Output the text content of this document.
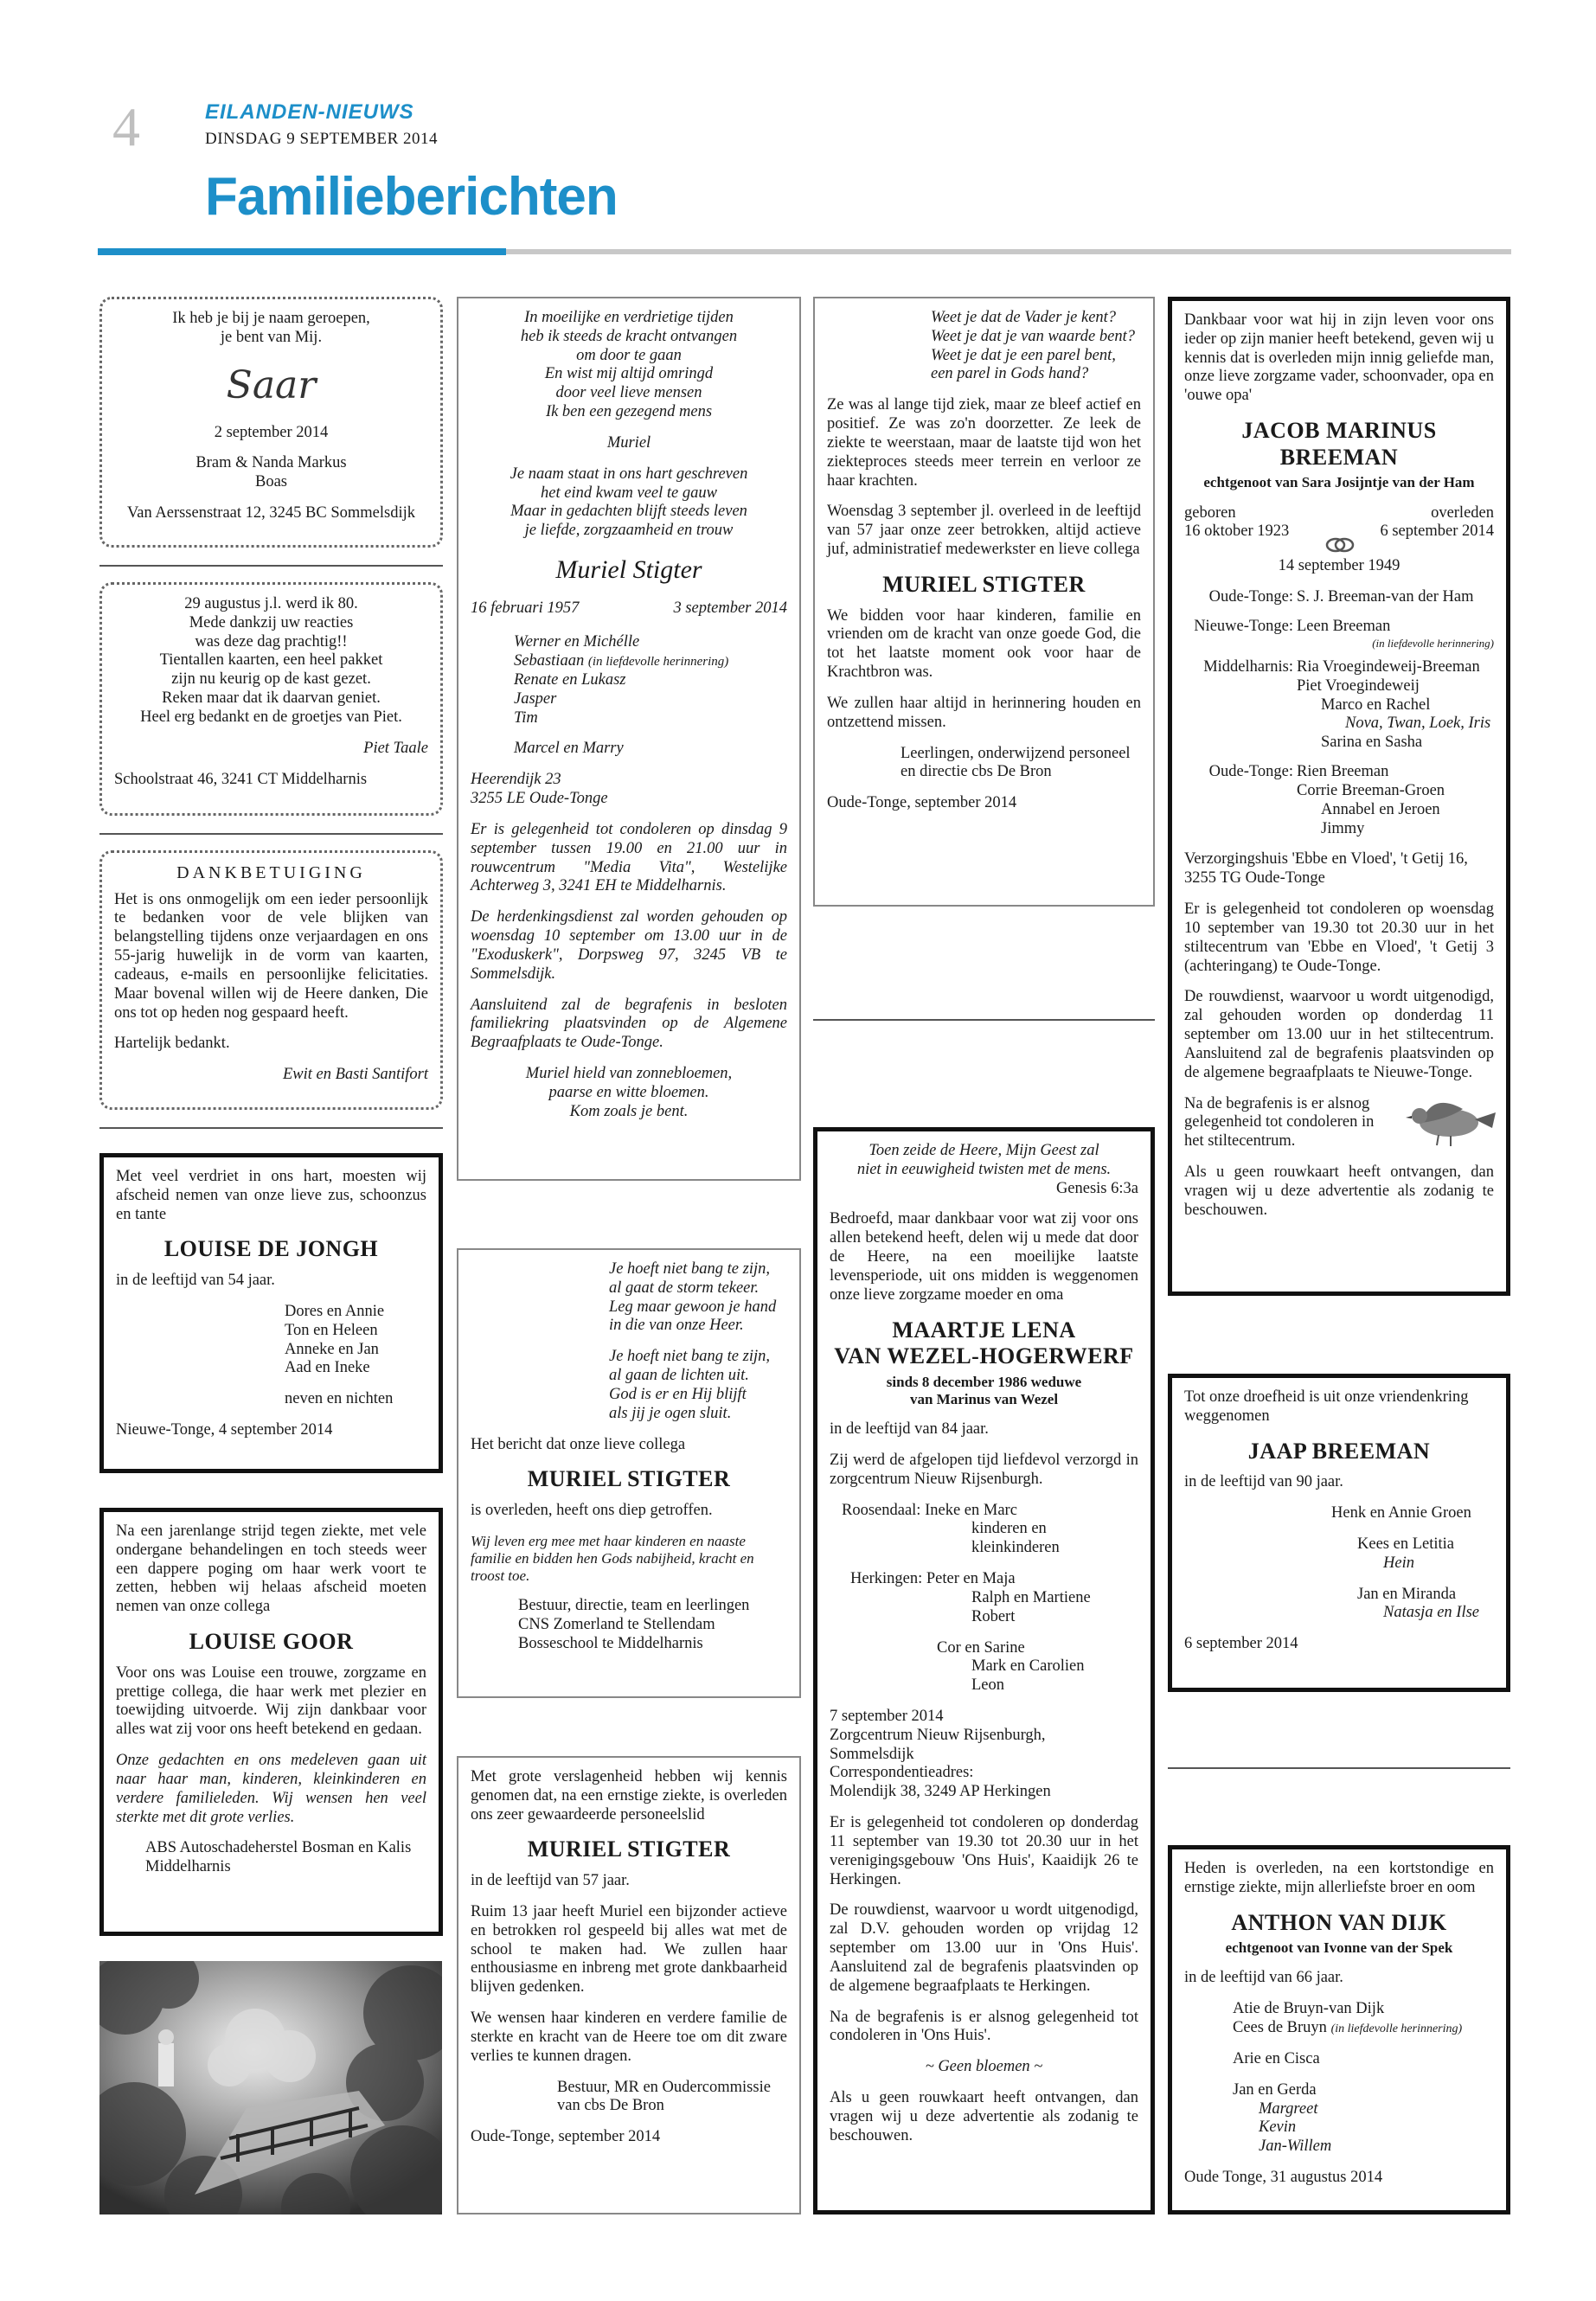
4	EILANDEN-NIEUWS
DINSDAG 9 SEPTEMBER 2014
Familieberichten
Ik heb je bij je naam geroepen,
je bent van Mij.
Saar

2 september 2014

Bram & Nanda Markus

Boas

Van Aerssenstraat 12, 3245 BC Sommelsdijk
29 augustus j.l. werd ik 80.
Mede dankzij uw reacties
was deze dag prachtig!!
Tientallen kaarten, een heel pakket
zijn nu keurig op de kast gezet.
Reken maar dat ik daarvan geniet.

Heel erg bedankt en de groetjes van Piet.

Piet Taale

Schoolstraat 46, 3241 CT Middelharnis
DANKBETUIGING

Het is ons onmogelijk om een ieder persoonlijk te bedanken voor de vele blijken van belangstelling tijdens onze verjaardagen en ons 55-jarig huwelijk in de vorm van kaarten, cadeaus, e-mails en persoonlijke felicitaties. Maar bovenal willen wij de Heere danken, Die ons tot op heden nog gespaard heeft.

Hartelijk bedankt.

Ewit en Basti Santifort

Met veel verdriet in ons hart, moesten wij afscheid nemen van onze lieve zus, schoonzus en tante

LOUISE DE JONGH

in de leeftijd van 54 jaar.

Dores en Annie
Ton en Heleen
Anneke en Jan

Aad en Ineke

neven en nichten

Nieuwe-Tonge, 4 september 2014

Na een jarenlange strijd tegen ziekte, met vele ondergane behandelingen en toch steeds weer een dappere poging om haar werk voort te zetten, hebben wij helaas afscheid moeten nemen van onze collega

LOUISE GOOR

Voor ons was Louise een trouwe, zorgzame en prettige collega, die haar werk met plezier en toewijding uitvoerde. Wij zijn dankbaar voor alles wat zij voor ons heeft betekend en gedaan.

Onze gedachten en ons medeleven gaan uit naar haar man, kinderen, kleinkinderen en verdere familieleden. Wij wensen hen veel sterkte met dit grote verlies.

ABS Autoschadeherstel Bosman en Kalis
Middelharnis
In moeilijke en verdrietige tijden
heb ik steeds de kracht ontvangen
om door te gaan
En wist mij altijd omringd
door veel lieve mensen

Ik ben een gezegend mens

Muriel

Je naam staat in ons hart geschreven
het eind kwam veel te gauw
Maar in gedachten blijft steeds leven
je liefde, zorgzaamheid en trouw
Muriel Stigter
16 februari 1957	3 september 2014
Werner en Michélle
Sebastiaan (in liefdevolle herinnering)
Renate en Lukasz
Jasper

Tim

Marcel en Marry

Heerendijk 23

3255 LE Oude-Tonge

Er is gelegenheid tot condoleren op dinsdag 9 september tussen 19.00 en 21.00 uur in rouwcentrum "Media Vita", Westelijke Achterweg 3, 3241 EH te Middelharnis.

De herdenkingsdienst zal worden gehouden op woensdag 10 september om 13.00 uur in de "Exoduskerk", Dorpsweg 97, 3245 VB te Sommelsdijk.

Aansluitend zal de begrafenis in besloten familiekring plaatsvinden op de Algemene Begraafplaats te Oude-Tonge.

Muriel hield van zonnebloemen,
paarse en witte bloemen.
Kom zoals je bent.
Je hoeft niet bang te zijn,
al gaat de storm tekeer.
Leg maar gewoon je hand

in die van onze Heer.

Je hoeft niet bang te zijn,
al gaan de lichten uit.
God is er en Hij blijft

als jij je ogen sluit.

Het bericht dat onze lieve collega
MURIEL STIGTER

is overleden, heeft ons diep getroffen.

Wij leven erg mee met haar kinderen en naaste familie en bidden hen Gods nabijheid, kracht en troost toe.

Bestuur, directie, team en leerlingen
CNS Zomerland te Stellendam
Bosseschool te Middelharnis

Met grote verslagenheid hebben wij kennis genomen dat, na een ernstige ziekte, is overleden ons zeer gewaardeerde personeelslid

MURIEL STIGTER

in de leeftijd van 57 jaar.

Ruim 13 jaar heeft Muriel een bijzonder actieve en betrokken rol gespeeld bij alles wat met de school te maken had. We zullen haar enthousiasme en inbreng met grote dankbaarheid blijven gedenken.

We wensen haar kinderen en verdere familie de sterkte en kracht van de Heere toe om dit zware verlies te kunnen dragen.

Bestuur, MR en Oudercommissie

van cbs De Bron

Oude-Tonge, september 2014
Weet je dat de Vader je kent?
Weet je dat je van waarde bent?
Weet je dat je een parel bent,

een parel in Gods hand?

Ze was al lange tijd ziek, maar ze bleef actief en positief. Ze was zo'n doorzetter. Ze leek de ziekte te weerstaan, maar de laatste tijd won het ziekteproces steeds meer terrein en verloor ze haar krachten.

Woensdag 3 september jl. overleed in de leeftijd van 57 jaar onze zeer betrokken, altijd actieve juf, administratief medewerkster en lieve collega

MURIEL STIGTER

We bidden voor haar kinderen, familie en vrienden om de kracht van onze goede God, die tot het laatste moment ook voor haar de Krachtbron was.

We zullen haar altijd in herinnering houden en ontzettend missen.

Leerlingen, onderwijzend personeel

en directie cbs De Bron

Oude-Tonge, september 2014
Toen zeide de Heere, Mijn Geest zal
niet in eeuwigheid twisten met de mens.

Genesis 6:3a

Bedroefd, maar dankbaar voor wat zij voor ons allen betekend heeft, delen wij u mede dat door de Heere, na een moeilijke laatste levensperiode, uit ons midden is weggenomen onze lieve zorgzame moeder en oma

MAARTJE LENA
VAN WEZEL-HOGERWERF
sinds 8 december 1986 weduwe

van Marinus van Wezel

in de leeftijd van 84 jaar.

Zij werd de afgelopen tijd liefdevol verzorgd in zorgcentrum Nieuw Rijsenburgh.

Roosendaal: Ineke en Marc

kinderen en kleinkinderen

Herkingen: Peter en Maja
Ralph en Martiene

Robert

Cor en Sarine
Mark en Carolien

Leon

7 september 2014
Zorgcentrum Nieuw Rijsenburgh,
Sommelsdijk
Correspondentieadres:

Molendijk 38, 3249 AP Herkingen

Er is gelegenheid tot condoleren op donderdag 11 september van 19.30 tot 20.30 uur in het verenigingsgebouw 'Ons Huis', Kaaidijk 26 te Herkingen.

De rouwdienst, waarvoor u wordt uitgenodigd, zal D.V. gehouden worden op vrijdag 12 september om 13.00 uur in 'Ons Huis'. Aansluitend zal de begrafenis plaatsvinden op de algemene begraafplaats te Herkingen.

Na de begrafenis is er alsnog gelegenheid tot condoleren in 'Ons Huis'.

~ Geen bloemen ~

Als u geen rouwkaart heeft ontvangen, dan vragen wij u deze advertentie als zodanig te beschouwen.

Dankbaar voor wat hij in zijn leven voor ons ieder op zijn manier heeft betekend, geven wij u kennis dat is overleden mijn innig geliefde man, onze lieve zorgzame vader, schoonvader, opa en 'ouwe opa'

JACOB MARINUS BREEMAN

echtgenoot van Sara Josijntje van der Ham

geboren	overleden
16 oktober 1923	6 september 2014

14 september 1949

Oude-Tonge: S. J. Breeman-van der Ham
Nieuwe-Tonge: Leen Breeman
(in liefdevolle herinnering)
Middelharnis: Ria Vroegindeweij-Breeman
Piet Vroegindeweij
Marco en Rachel
Nova, Twan, Loek, Iris
Sarina en Sasha
Oude-Tonge: Rien Breeman
Corrie Breeman-Groen
Annabel en Jeroen
Jimmy

Verzorgingshuis 'Ebbe en Vloed', 't Getij 16, 3255 TG Oude-Tonge

Er is gelegenheid tot condoleren op woensdag 10 september van 19.30 tot 20.30 uur in het stiltecentrum van 'Ebbe en Vloed', 't Getij 3 (achteringang) te Oude-Tonge.

De rouwdienst, waarvoor u wordt uitgenodigd, zal gehouden worden op donderdag 11 september om 13.00 uur in het stiltecentrum. Aansluitend zal de begrafenis plaatsvinden op de algemene begraafplaats te Nieuwe-Tonge.

Na de begrafenis is er alsnog gelegenheid tot condoleren in het stiltecentrum.

Als u geen rouwkaart heeft ontvangen, dan vragen wij u deze advertentie als zodanig te beschouwen.

Tot onze droefheid is uit onze vriendenkring weggenomen

JAAP BREEMAN

in de leeftijd van 90 jaar.

Henk en Annie Groen

Kees en Letitia

Hein

Jan en Miranda

Natasja en Ilse

6 september 2014

Heden is overleden, na een kortstondige en ernstige ziekte, mijn allerliefste broer en oom

ANTHON VAN DIJK

echtgenoot van Ivonne van der Spek

in de leeftijd van 66 jaar.

Atie de Bruyn-van Dijk

Cees de Bruyn (in liefdevolle herinnering)

Arie en Cisca

Jan en Gerda
Margreet
Kevin

Jan-Willem

Oude Tonge, 31 augustus 2014
